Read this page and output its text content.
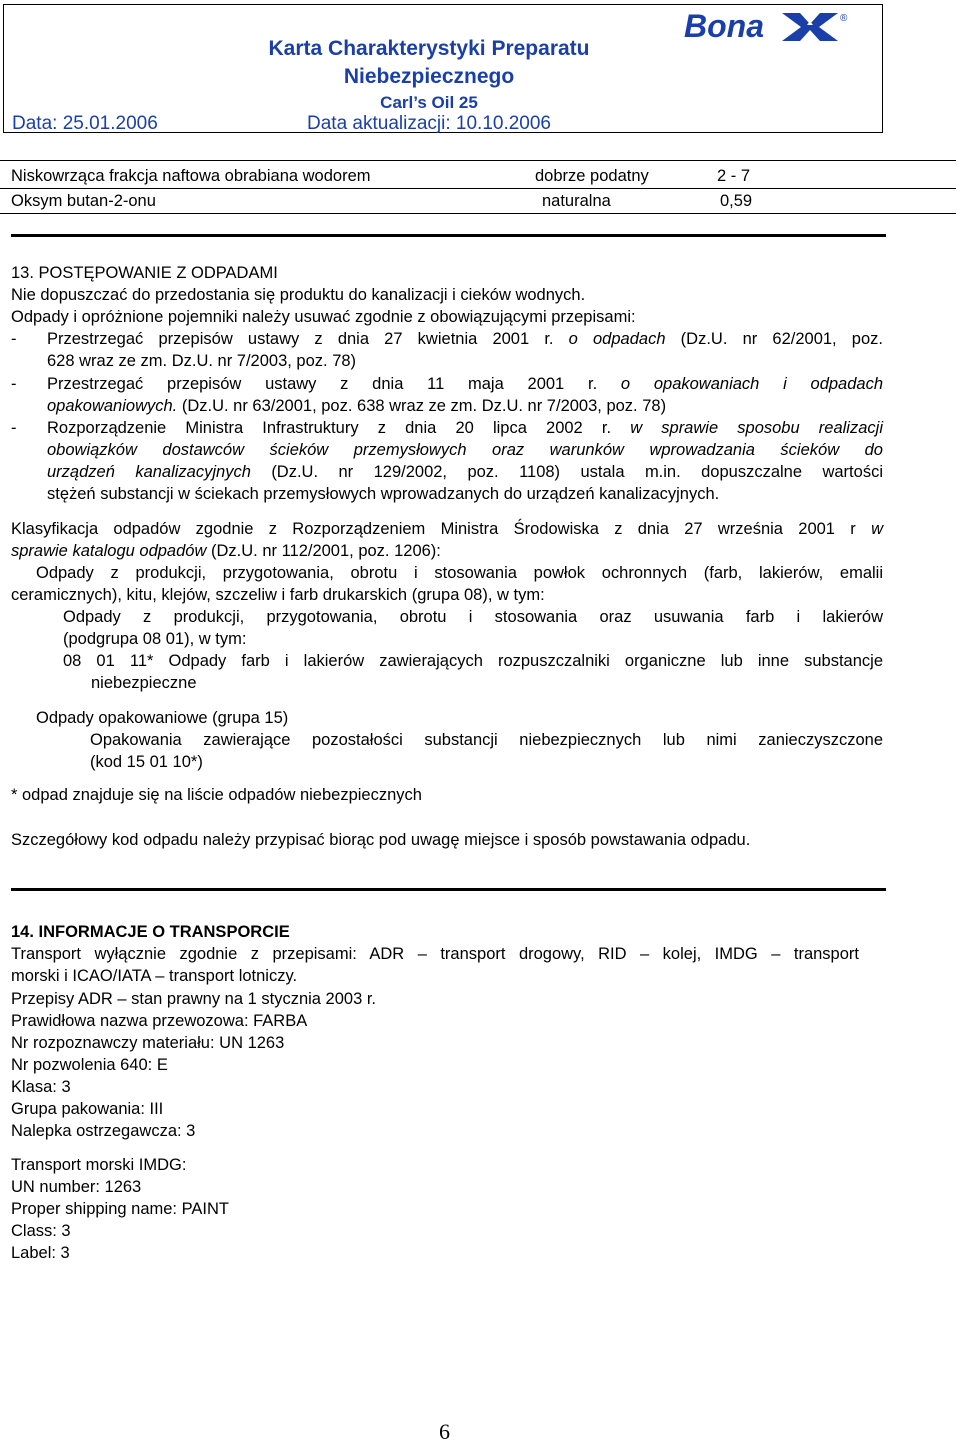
Karta Charakterystyki Preparatu
Niebezpiecznego
Carl’s Oil 25
Data: 25.01.2006	Data aktualizacji: 10.10.2006
Bona	®
Niskowrząca frakcja naftowa obrabiana wodorem	dobrze podatny	2 - 7
Oksym butan-2-onu	naturalna	0,59
13. POSTĘPOWANIE Z ODPADAMI
Nie dopuszczać do przedostania się produktu do kanalizacji i cieków wodnych.
Odpady i opróżnione pojemniki należy usuwać zgodnie z obowiązującymi przepisami:
- Przestrzegać przepisów ustawy z dnia 27 kwietnia 2001 r. o odpadach (Dz.U. nr 62/2001, poz.
628 wraz ze zm. Dz.U. nr 7/2003, poz. 78)
- Przestrzegać przepisów ustawy z dnia 11 maja 2001 r. o opakowaniach i odpadach
opakowaniowych. (Dz.U. nr 63/2001, poz. 638 wraz ze zm. Dz.U. nr 7/2003, poz. 78)
- Rozporządzenie Ministra Infrastruktury z dnia 20 lipca 2002 r. w sprawie sposobu realizacji
obowiązków dostawców ścieków przemysłowych oraz warunków wprowadzania ścieków do
urządzeń kanalizacyjnych (Dz.U. nr 129/2002, poz. 1108) ustala m.in. dopuszczalne wartości
stężeń substancji w ściekach przemysłowych wprowadzanych do urządzeń kanalizacyjnych.
Klasyfikacja odpadów zgodnie z Rozporządzeniem Ministra Środowiska z dnia 27 września 2001 r w
sprawie katalogu odpadów (Dz.U. nr 112/2001, poz. 1206):
Odpady z produkcji, przygotowania, obrotu i stosowania powłok ochronnych (farb, lakierów, emalii
ceramicznych), kitu, klejów, szczeliw i farb drukarskich (grupa 08), w tym:
Odpady z produkcji, przygotowania, obrotu i stosowania oraz usuwania farb i lakierów
(podgrupa 08 01), w tym:
08 01 11* Odpady farb i lakierów zawierających rozpuszczalniki organiczne lub inne substancje
niebezpieczne
Odpady opakowaniowe (grupa 15)
Opakowania zawierające pozostałości substancji niebezpiecznych lub nimi zanieczyszczone
(kod 15 01 10*)
* odpad znajduje się na liście odpadów niebezpiecznych
Szczegółowy kod odpadu należy przypisać biorąc pod uwagę miejsce i sposób powstawania odpadu.
14. INFORMACJE O TRANSPORCIE
Transport wyłącznie zgodnie z przepisami: ADR – transport drogowy, RID – kolej, IMDG – transport
morski i ICAO/IATA – transport lotniczy.
Przepisy ADR – stan prawny na 1 stycznia 2003 r.
Prawidłowa nazwa przewozowa: FARBA
Nr rozpoznawczy materiału: UN 1263
Nr pozwolenia 640: E
Klasa: 3
Grupa pakowania: III
Nalepka ostrzegawcza: 3
Transport morski IMDG:
UN number: 1263
Proper shipping name: PAINT
Class: 3
Label: 3
6
